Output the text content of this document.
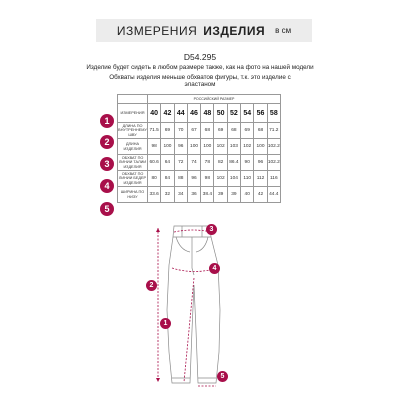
ИЗМЕРЕНИЯ ИЗДЕЛИЯ в см
D54.295
Изделие будет сидеть в любом размере также, как на фото на нашей модели
Обхваты изделия меньше обхватов фигуры, т.к. это изделие с
эластаном
	РОССИЙСКИЙ РАЗМЕР									
ИЗМЕРЕНИЯ	40	42	44	46	48	50	52	54	56	58
ДЛИНА ПО ВНУТРЕННЕМУ ШВУ	71.5	69	70	67	68	69	68	69	68	71.2
ДЛИНА ИЗДЕЛИЯ	98	100	96	100	100	102	103	102	100	102.2
ОБХВАТ ПО ЛИНИИ ТАЛИИ ИЗДЕЛИЯ	60.6	64	72	74	78	82	86.4	90	96	102.2
ОБХВАТ ПО ЛИНИИ БЕДЕР ИЗДЕЛИЯ	80	84	88	96	98	102	104	110	112	116
ШИРИНА ПО НИЗУ	33.6	32	34	36	38.4	39	39	40	42	44.4
1
2
3
4
5
3
4
2
1
5
